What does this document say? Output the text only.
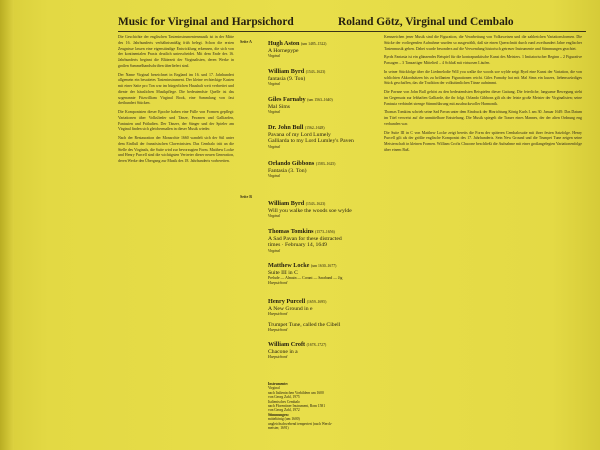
Music for Virginal and Harpsichord	Roland Götz, Virginal und Cembalo

Die Geschichte der englischen Tasteninstrumentenmusik ist in der Mitte des 16. Jahrhunderts verhältnismäßig früh belegt. Schon die ersten Zeugnisse lassen eine eigenständige Entwicklung erkennen, die sich von der kontinentalen Praxis deutlich unterscheidet. Mit dem Ende des 16. Jahrhunderts beginnt die Blütezeit der Virginalisten, deren Werke in großen Sammelhandschriften überliefert sind.

Der Name Virginal bezeichnet in England im 16. und 17. Jahrhundert allgemein ein besaitetes Tasteninstrument. Der kleine rechteckige Kasten mit einer Saite pro Ton war im bürgerlichen Haushalt weit verbreitet und diente der häuslichen Musikpflege. Die bedeutendste Quelle ist das sogenannte Fitzwilliam Virginal Book, eine Sammlung von fast dreihundert Stücken.

Die Komponisten dieser Epoche haben eine Fülle von Formen gepflegt: Variationen über Volkslieder und Tänze, Pavanen und Galliarden, Fantasien und Präludien. Der Tänzer, der Sänger und der Spieler am Virginal finden sich gleichermaßen in dieser Musik wieder.

Nach der Restauration der Monarchie 1660 wandelt sich der Stil unter dem Einfluß der französischen Clavecinisten. Das Cembalo tritt an die Stelle des Virginals, die Suite wird zur bevorzugten Form. Matthew Locke und Henry Purcell sind die wichtigsten Vertreter dieser neuen Generation, deren Werke den Übergang zur Musik des 18. Jahrhunderts vorbereiten.

Seite A
Seite B
Hugh Aston (um 1485–1522)
A Hornepype
Virginal
William Byrd (1543–1623)
fantasia (9. Ton)
Virginal
Giles Farnaby (um 1563–1640)
Mal Sims
Virginal
Dr. John Bull (1562–1628)
Pavana of my Lord Lumely
Galliarda to my Lord Lumley's Paven
Virginal
Orlando Gibbons (1583–1625)
Fantasia (3. Ton)
Virginal
William Byrd (1543–1623)
Will you walke the woods soe wylde
Virginal
Thomas Tomkins (1573–1656)
A Sad Pavan for these distracted
times · February 14, 1649
Virginal
Matthew Locke (um 1630–1677)
Suite III in C
Prelude — Almain — Corant — Saraband — Jig
Harpsichord
Henry Purcell (1659–1695)
A New Ground in e
Harpsichord
Trumpet Tune, called the Cibell
Harpsichord
William Croft (1678–1727)
Chacone in a
Harpsichord
Instrumente:
Virginal
nach Italienischen Vorbildern um 1600
von Georg Zahl, 1975
Italienisches Cembalo
nach Florentiner Instrument, Rom 1581
von Georg Zahl, 1972
Stimmungen:
mitteltönig (um 1600)
ungleichschwebend temperiert (nach Werck-
meister, 1691)

Kennzeichen jener Musik sind die Figuration, die Verarbeitung von Volksweisen und die zahlreichen Variationsformen. Die Stücke der vorliegenden Aufnahme wurden so ausgewählt, daß sie einen Querschnitt durch rund zweihundert Jahre englischer Tastenmusik geben. Dabei wurde besonders auf die Verwendung historisch getreuer Instrumente und Stimmungen geachtet.

Byrds Fantasia ist ein glänzendes Beispiel für die kontrapunktische Kunst des Meisters. 1 Imitatorischer Beginn – 2 Figurative Passagen – 3 Tanzartiger Mittelteil – 4 Schluß mit virtuosen Läufen.

In seiner Stückfolge über die Liedmelodie Will you walke the woods soe wylde zeigt Byrd eine Kunst der Variation, die von schlichten Akkordsätzen bis zu brillanten Figurationen reicht. Giles Farnaby hat mit Mal Sims ein kurzes, liebenswürdiges Stück geschaffen, das die Tradition der volkstümlichen Tänze aufnimmt.

Die Pavane von John Bull gehört zu den bedeutendsten Beispielen dieser Gattung. Die feierliche, langsame Bewegung steht im Gegensatz zur lebhaften Galliarde, die ihr folgt. Orlando Gibbons gilt als der letzte große Meister der Virginalisten; seine Fantasia verbindet strenge Stimmführung mit ausdrucksvoller Harmonik.

Thomas Tomkins schrieb seine Sad Pavan unter dem Eindruck der Hinrichtung König Karls I. am 30. Januar 1649. Das Datum im Titel verweist auf die unmittelbare Entstehung. Die Musik spiegelt die Trauer eines Mannes, der der alten Ordnung eng verbunden war.

Die Suite III in C von Matthew Locke zeigt bereits die Form der späteren Cembalosuite mit ihrer festen Satzfolge. Henry Purcell gilt als der größte englische Komponist des 17. Jahrhunderts. Sein New Ground und die Trumpet Tune zeigen seine Meisterschaft in kleinen Formen. William Crofts Chacone beschließt die Aufnahme mit einer großangelegten Variationenfolge über einem Baß.
